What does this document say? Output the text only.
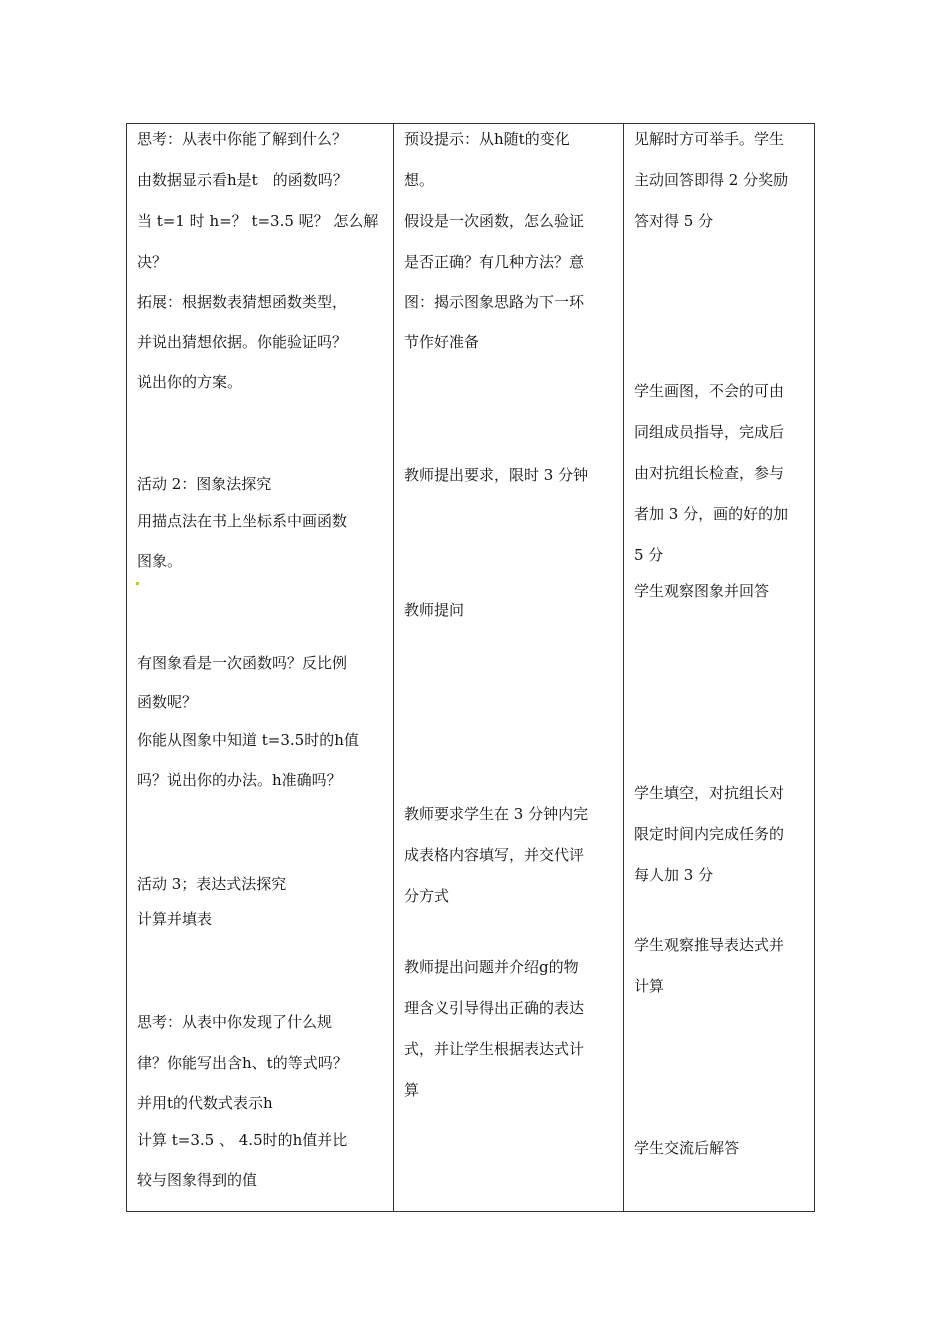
思考：从表中你能了解到什么？
由数据显示看h是t　的函数吗？
当 t=1 时 h=？ t=3.5 呢？ 怎么解
决？
拓展：根据数表猜想函数类型，
并说出猜想依据。你能验证吗？
说出你的方案。
活动 2：图象法探究
用描点法在书上坐标系中画函数
图象。
有图象看是一次函数吗？反比例
函数呢？
你能从图象中知道 t=3.5时的h值
吗？说出你的办法。h准确吗？
活动 3；表达式法探究
计算并填表
思考：从表中你发现了什么规
律？你能写出含h、t的等式吗？
并用t的代数式表示h
计算 t=3.5 、 4.5时的h值并比
较与图象得到的值
预设提示：从h随t的变化
想。
假设是一次函数，怎么验证
是否正确？有几种方法？意
图：揭示图象思路为下一环
节作好准备
教师提出要求，限时 3 分钟
教师提问
教师要求学生在 3 分钟内完
成表格内容填写，并交代评
分方式
教师提出问题并介绍g的物
理含义引导得出正确的表达
式，并让学生根据表达式计
算
见解时方可举手。学生
主动回答即得 2 分奖励
答对得 5 分
学生画图，不会的可由
同组成员指导，完成后
由对抗组长检查，参与
者加 3 分，画的好的加
5 分
学生观察图象并回答
学生填空，对抗组长对
限定时间内完成任务的
每人加 3 分
学生观察推导表达式并
计算
学生交流后解答
